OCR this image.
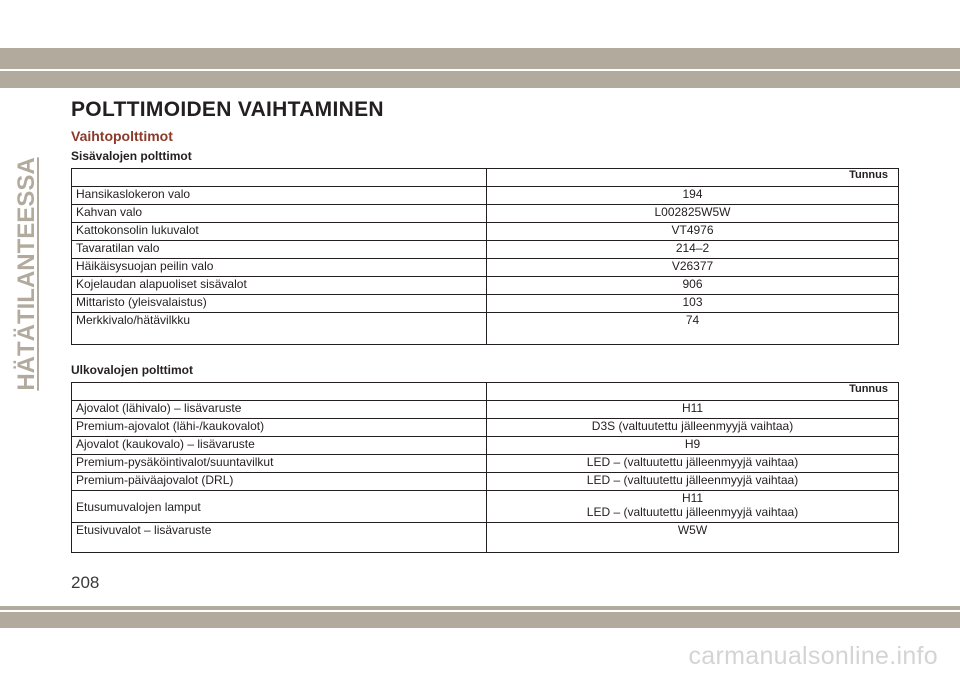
HÄTÄTILANTEESSA
POLTTIMOIDEN VAIHTAMINEN
Vaihtopolttimot
Sisävalojen polttimot
	Tunnus
Hansikaslokeron valo	194
Kahvan valo	L002825W5W
Kattokonsolin lukuvalot	VT4976
Tavaratilan valo	214–2
Häikäisysuojan peilin valo	V26377
Kojelaudan alapuoliset sisävalot	906
Mittaristo (yleisvalaistus)	103
Merkkivalo/hätävilkku	74
Ulkovalojen polttimot
	Tunnus
Ajovalot (lähivalo) – lisävaruste	H11
Premium-ajovalot (lähi-/kaukovalot)	D3S (valtuutettu jälleenmyyjä vaihtaa)
Ajovalot (kaukovalo) – lisävaruste	H9
Premium-pysäköintivalot/suuntavilkut	LED – (valtuutettu jälleenmyyjä vaihtaa)
Premium-päiväajovalot (DRL)	LED – (valtuutettu jälleenmyyjä vaihtaa)
Etusumuvalojen lamput	H11
LED – (valtuutettu jälleenmyyjä vaihtaa)

Etusivuvalot – lisävaruste	W5W
208
carmanualsonline.info
